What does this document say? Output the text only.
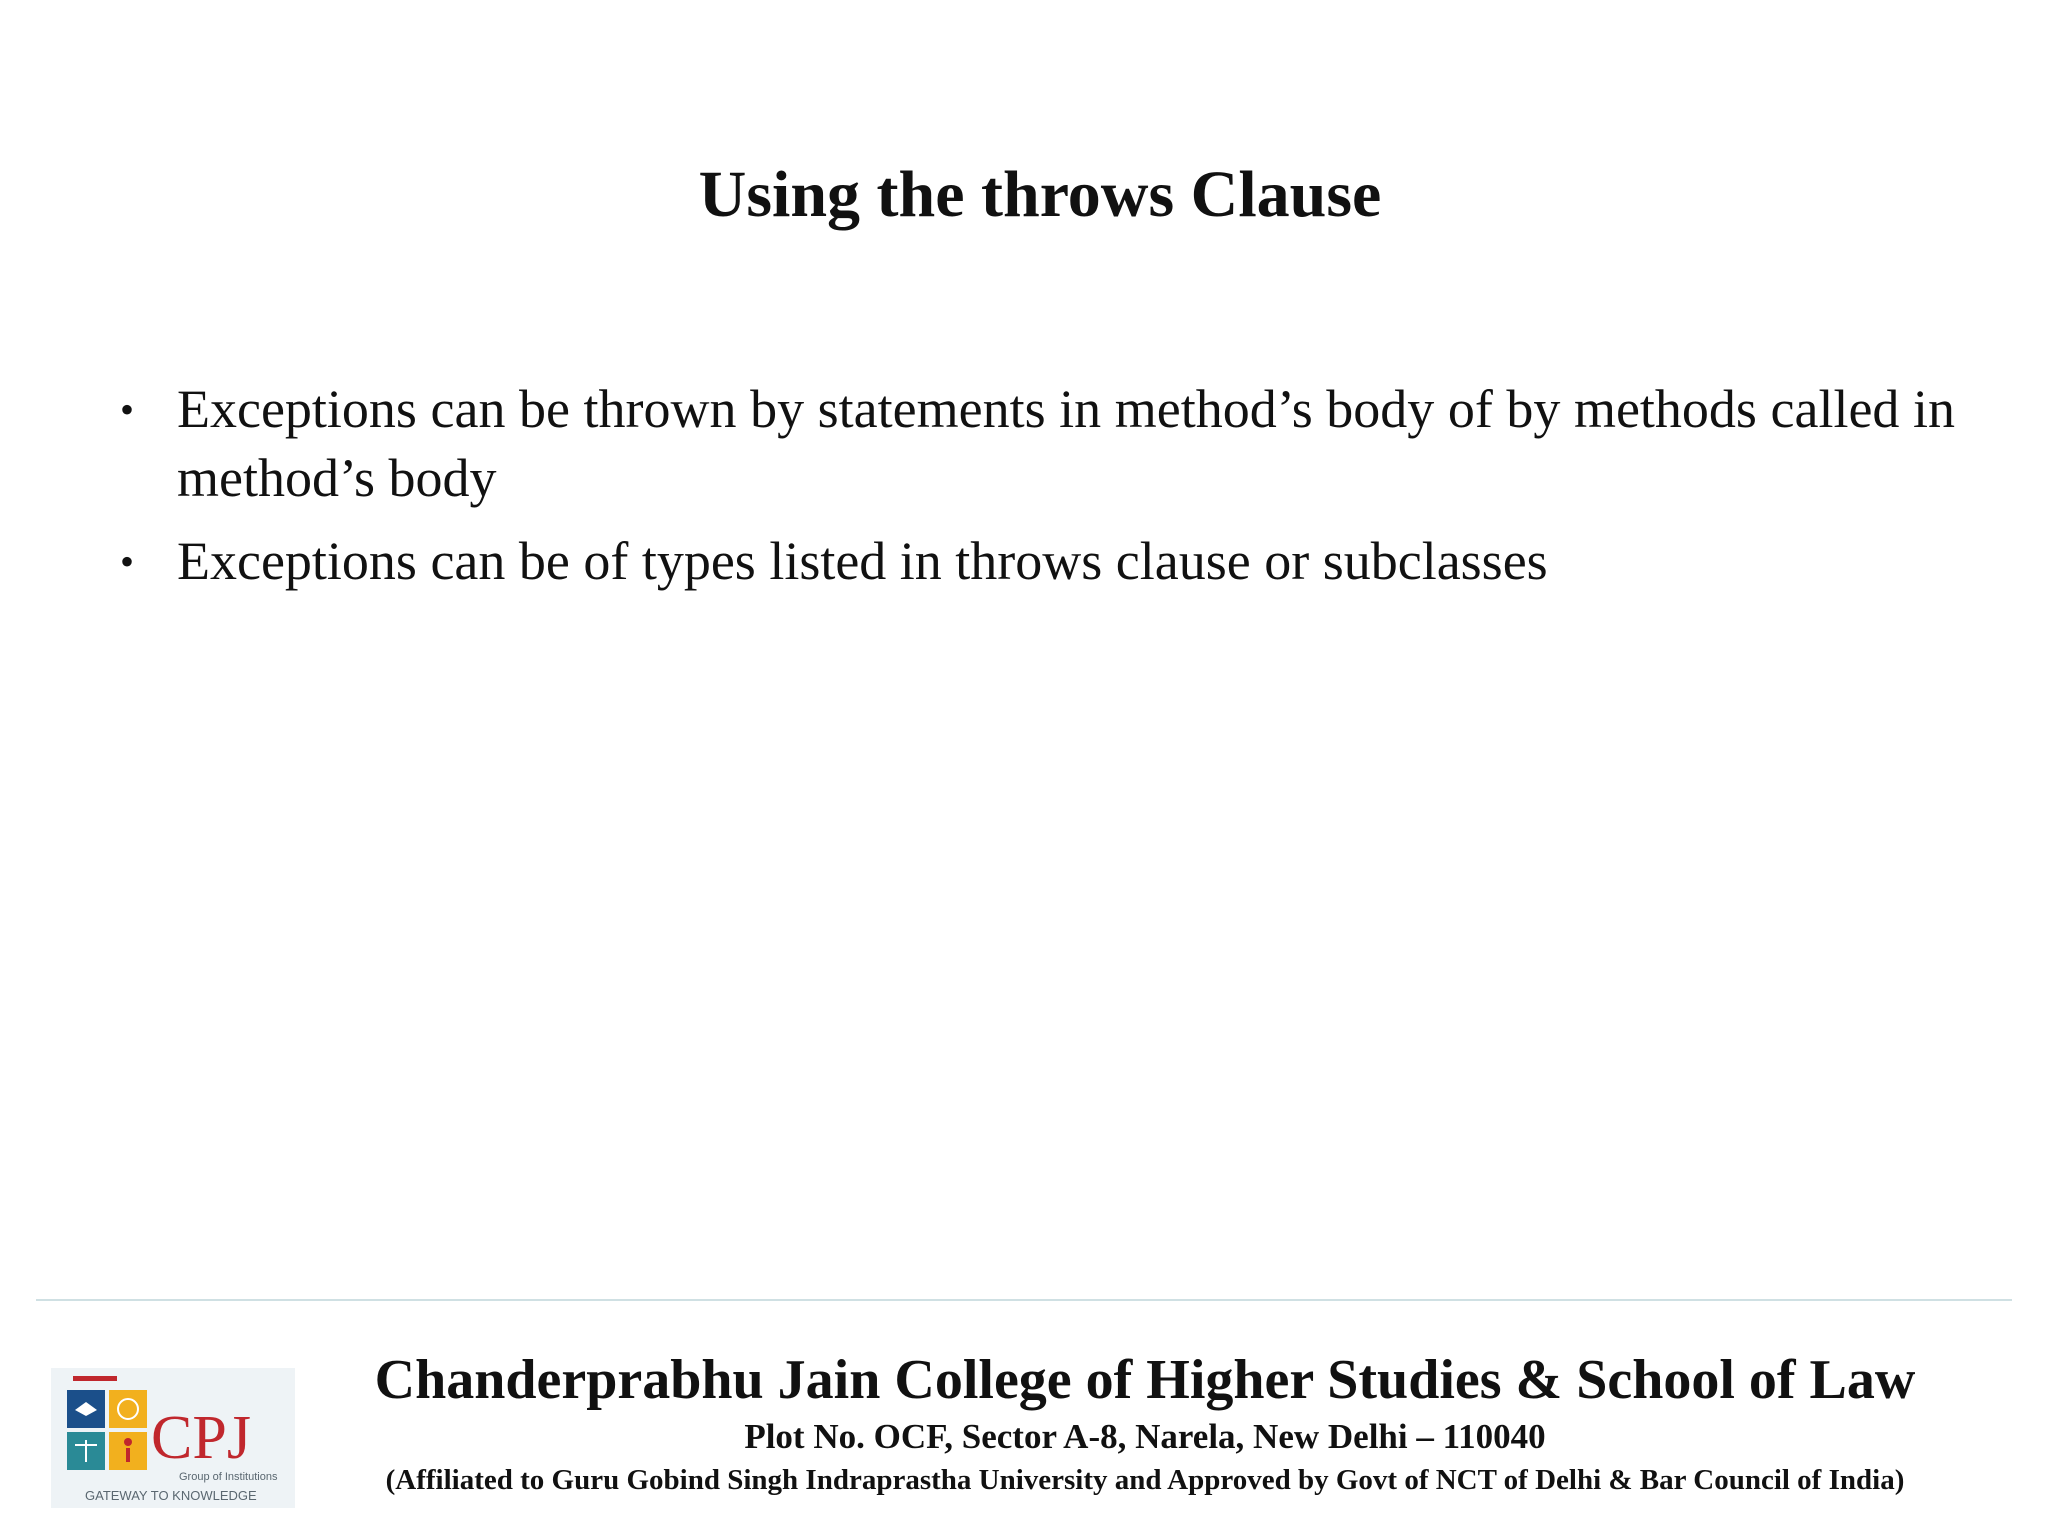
Using the throws Clause
• Exceptions can be thrown by statements in method’s body of by methods called in method’s body
• Exceptions can be of types listed in throws clause or subclasses
CPJ
Group of Institutions
GATEWAY TO KNOWLEDGE
Chanderprabhu Jain College of Higher Studies & School of Law
Plot No. OCF, Sector A-8, Narela, New Delhi – 110040
(Affiliated to Guru Gobind Singh Indraprastha University and Approved by Govt of NCT of Delhi & Bar Council of India)
